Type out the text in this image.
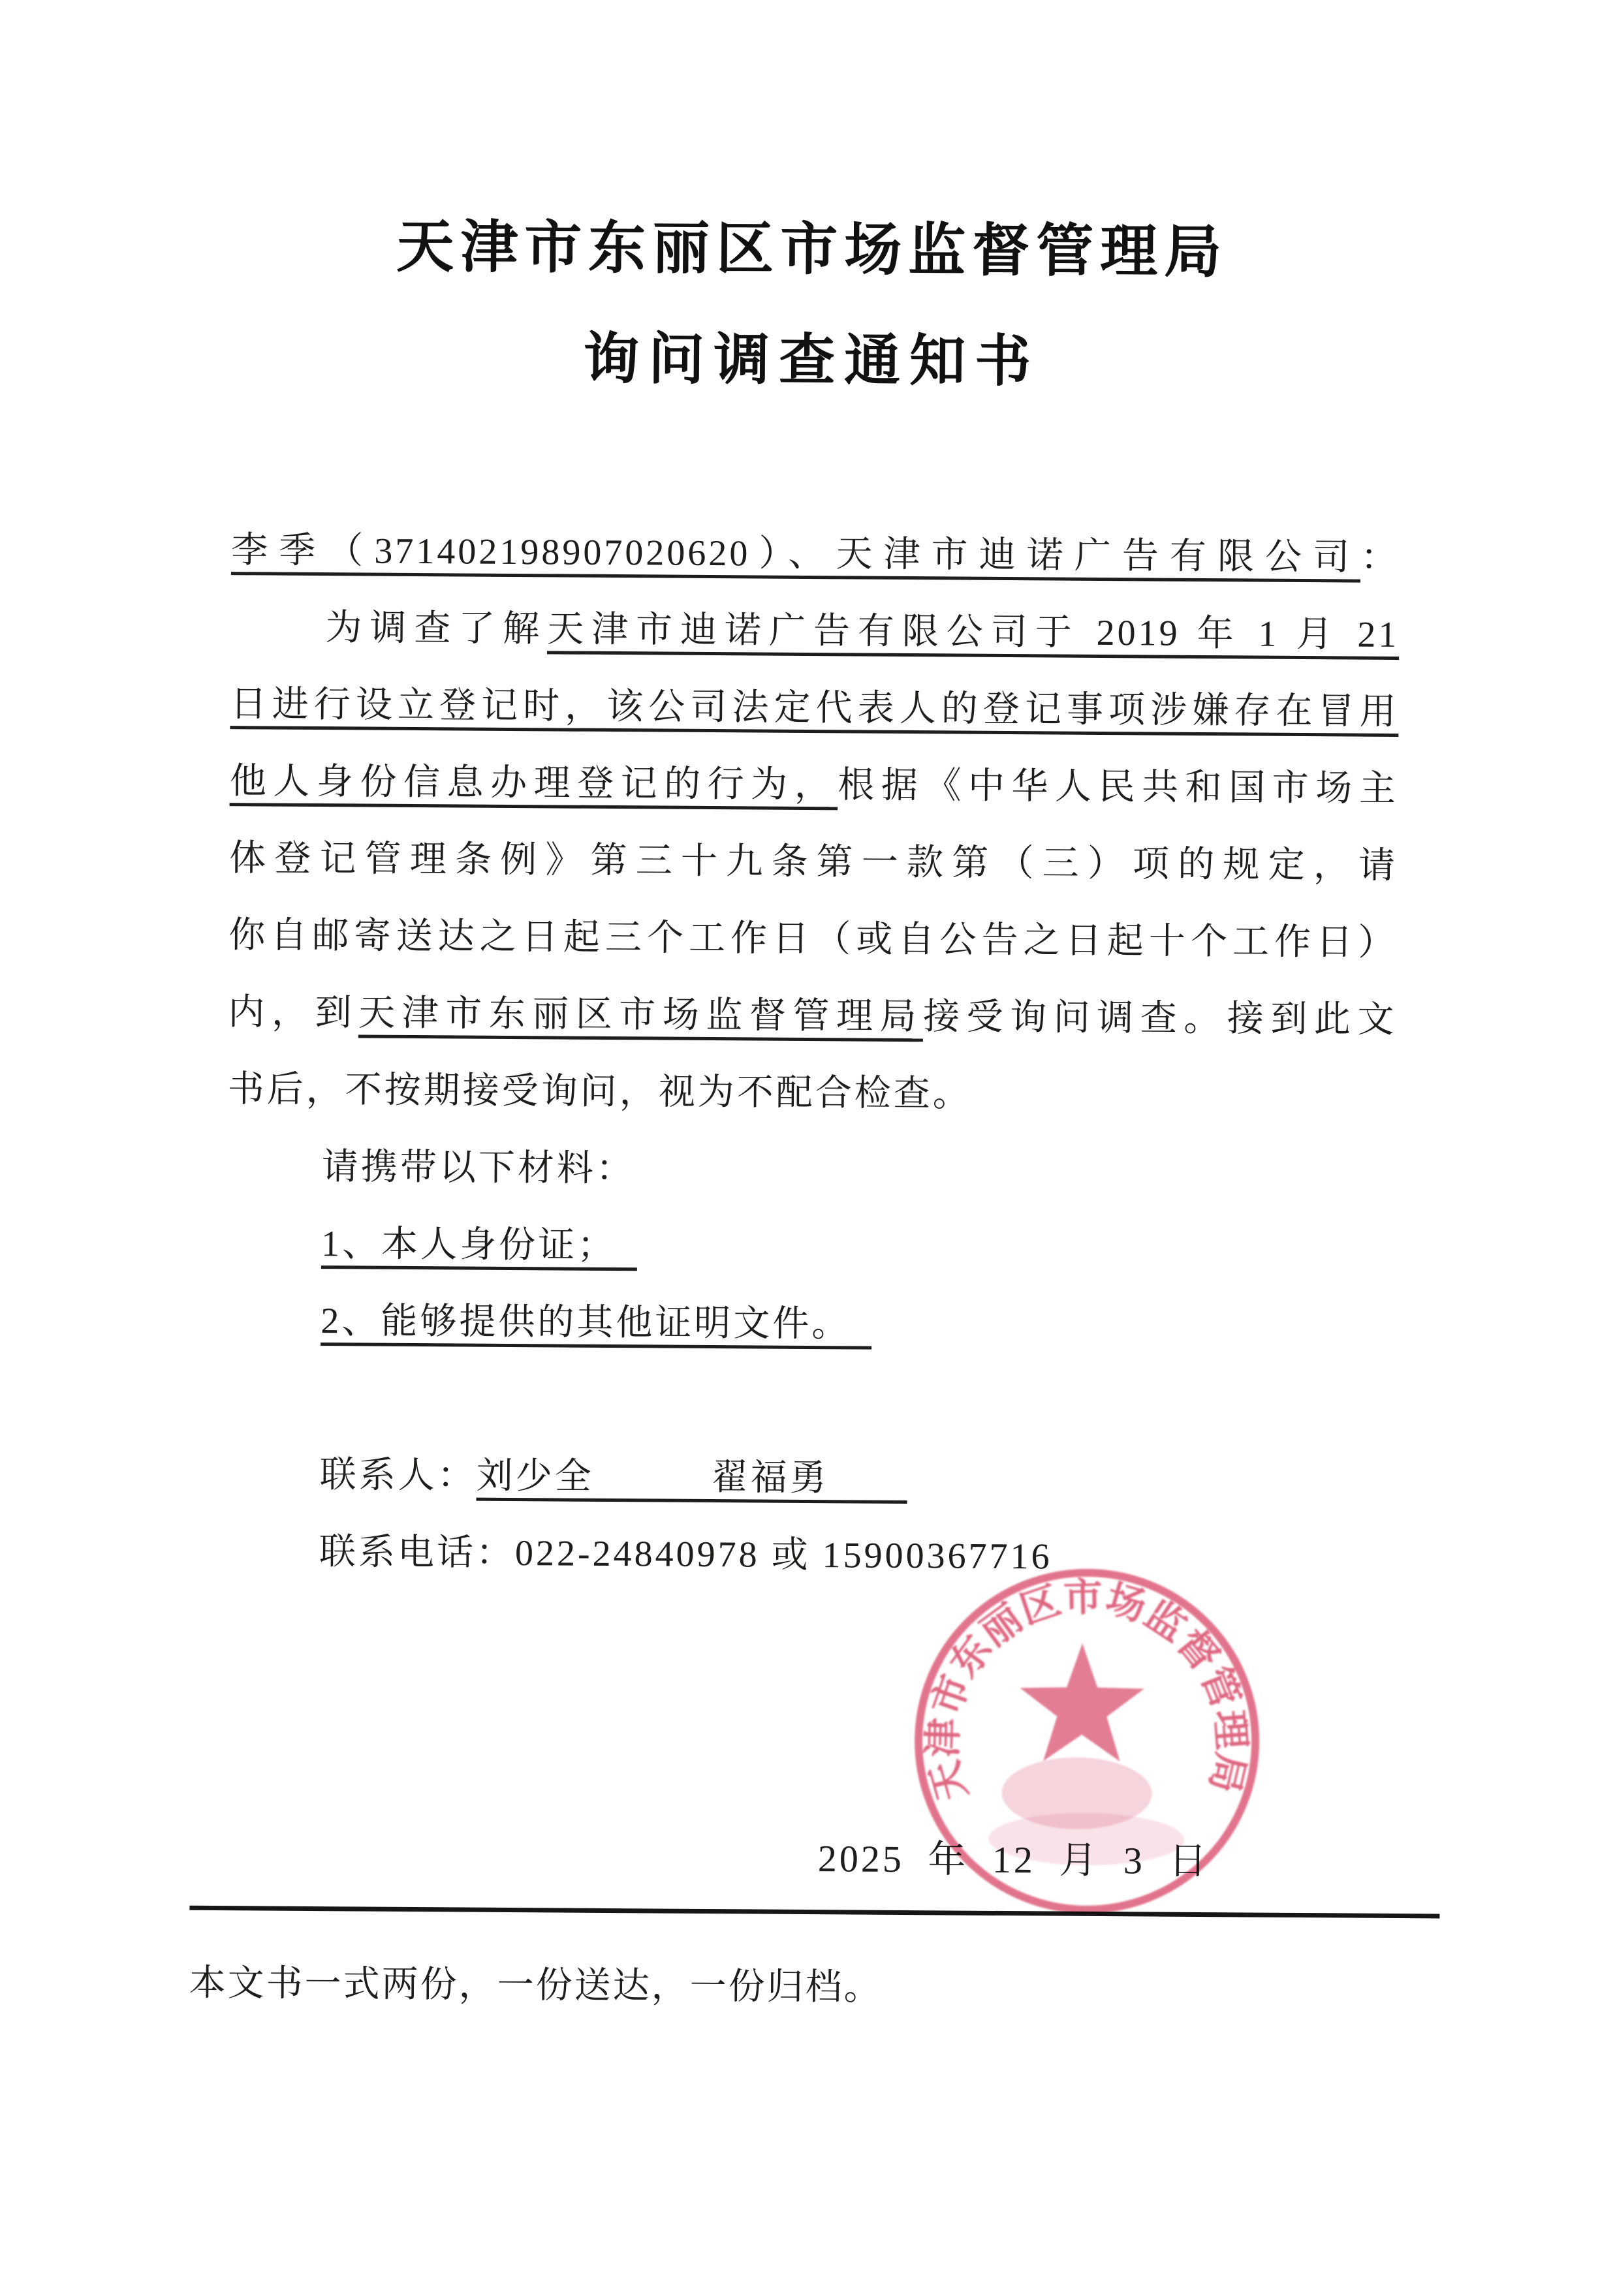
天津市东丽区市场监督管理局
询问调查通知书
李季（371402198907020620）、天津市迪诺广告有限公司：
为调查了解天津市迪诺广告有限公司于 2019 年 1 月 21
日进行设立登记时，该公司法定代表人的登记事项涉嫌存在冒用
他人身份信息办理登记的行为，根据《中华人民共和国市场主
体登记管理条例》第三十九条第一款第（三）项的规定，请
你自邮寄送达之日起三个工作日（或自公告之日起十个工作日）
内，到天津市东丽区市场监督管理局接受询问调查。接到此文
书后，不按期接受询问，视为不配合检查。
请携带以下材料：
1、本人身份证；　
2、能够提供的其他证明文件。　
联系人：刘少全　　　翟福勇　　
联系电话：022-24840978 或 15900367716
2025 年 12 月 3 日
天津市东丽区市场监督管理局
本文书一式两份，一份送达，一份归档。
